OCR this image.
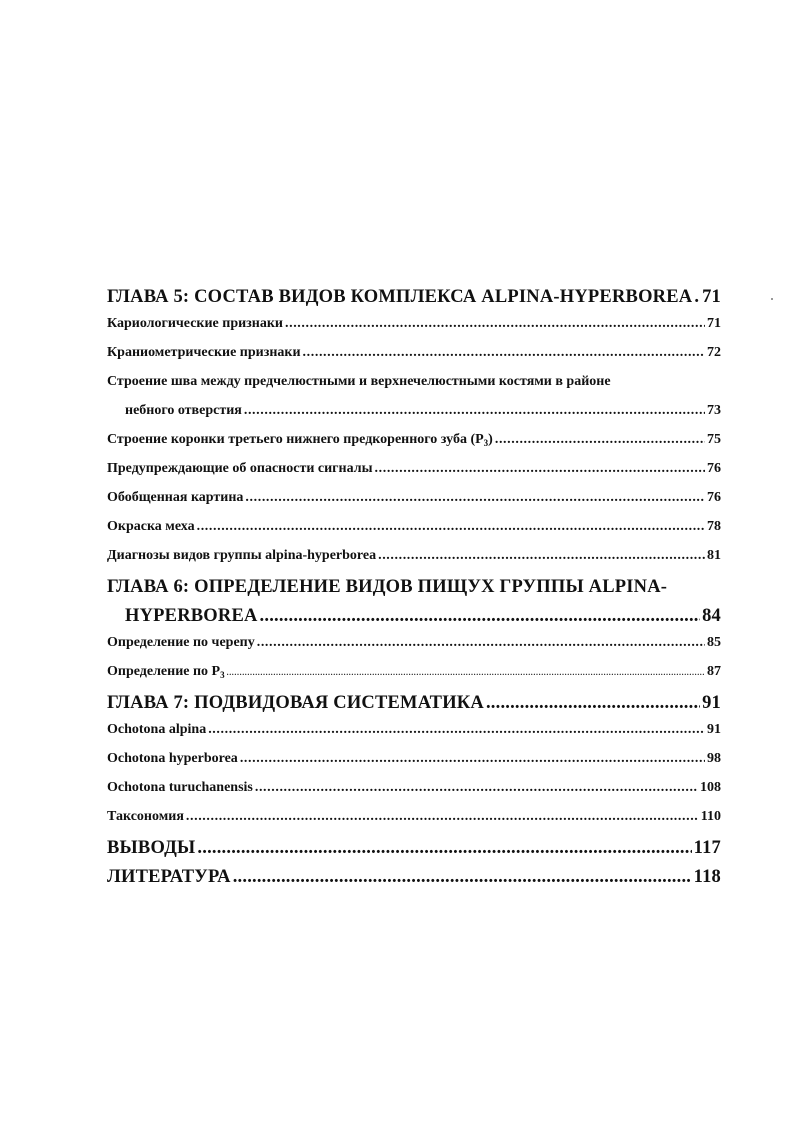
ГЛАВА 5: СОСТАВ ВИДОВ КОМПЛЕКСА ALPINA-HYPERBOREA ..... 71
Кариологические признаки .....	71
Краниометрические признаки .....	72
Строение шва между предчелюстными и верхнечелюстными костями в районе
небного отверстия .....	73
Строение коронки третьего нижнего предкоренного зуба $(P_3)$ .....	75
Предупреждающие об опасности сигналы .....	76
Обобщенная картина .....	76
Окраска меха .....	78
Диагнозы видов группы alpina-hyperborea .....	81
ГЛАВА 6: ОПРЕДЕЛЕНИЕ ВИДОВ ПИЩУХ ГРУППЫ ALPINA-
HYPERBOREA .....	84
Определение по черепу .....	85
Определение по $P_3$ .....	87
ГЛАВА 7: ПОДВИДОВАЯ СИСТЕМАТИКА .....	91
Ochotona alpina .....	91
Ochotona hyperborea .....	98
Ochotona turuchanensis .....	108
Таксономия .....	110
ВЫВОДЫ .....	117
ЛИТЕРАТУРА .....	118
